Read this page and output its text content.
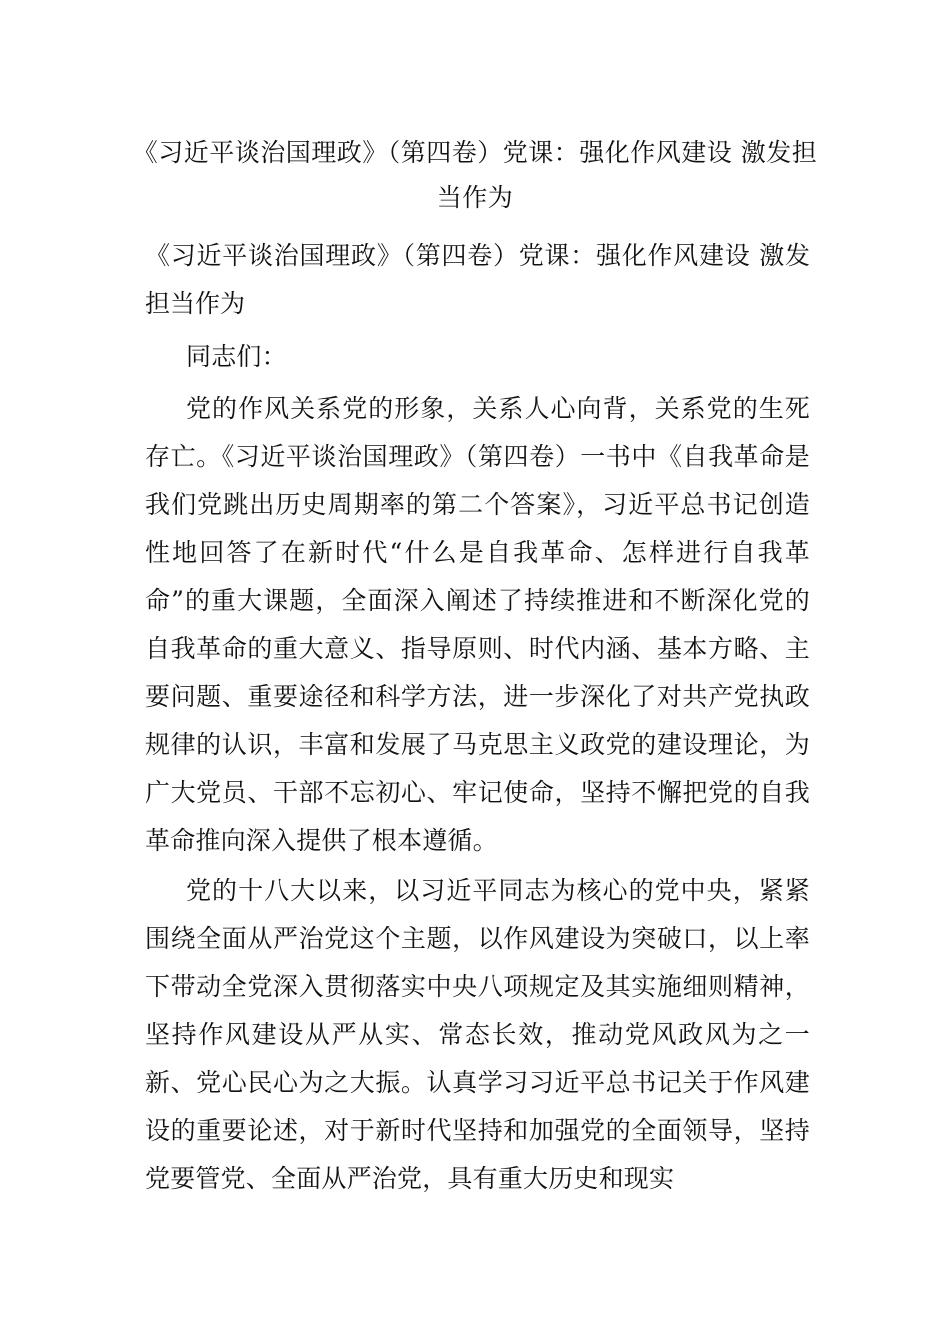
《习近平谈治国理政》（第四卷）党课：强化作风建设 激发担当作为
《习近平谈治国理政》（第四卷）党课：强化作风建设 激发担当作为

同志们：

党的作风关系党的形象，关系人心向背，关系党的生死存亡。《习近平谈治国理政》（第四卷）一书中《自我革命是我们党跳出历史周期率的第二个答案》，习近平总书记创造性地回答了在新时代“什么是自我革命、怎样进行自我革命”的重大课题，全面深入阐述了持续推进和不断深化党的自我革命的重大意义、指导原则、时代内涵、基本方略、主要问题、重要途径和科学方法，进一步深化了对共产党执政规律的认识，丰富和发展了马克思主义政党的建设理论，为广大党员、干部不忘初心、牢记使命，坚持不懈把党的自我革命推向深入提供了根本遵循。

党的十八大以来，以习近平同志为核心的党中央，紧紧围绕全面从严治党这个主题，以作风建设为突破口，以上率下带动全党深入贯彻落实中央八项规定及其实施细则精神，坚持作风建设从严从实、常态长效，推动党风政风为之一新、党心民心为之大振。认真学习习近平总书记关于作风建设的重要论述，对于新时代坚持和加强党的全面领导，坚持党要管党、全面从严治党，具有重大历史和现实
